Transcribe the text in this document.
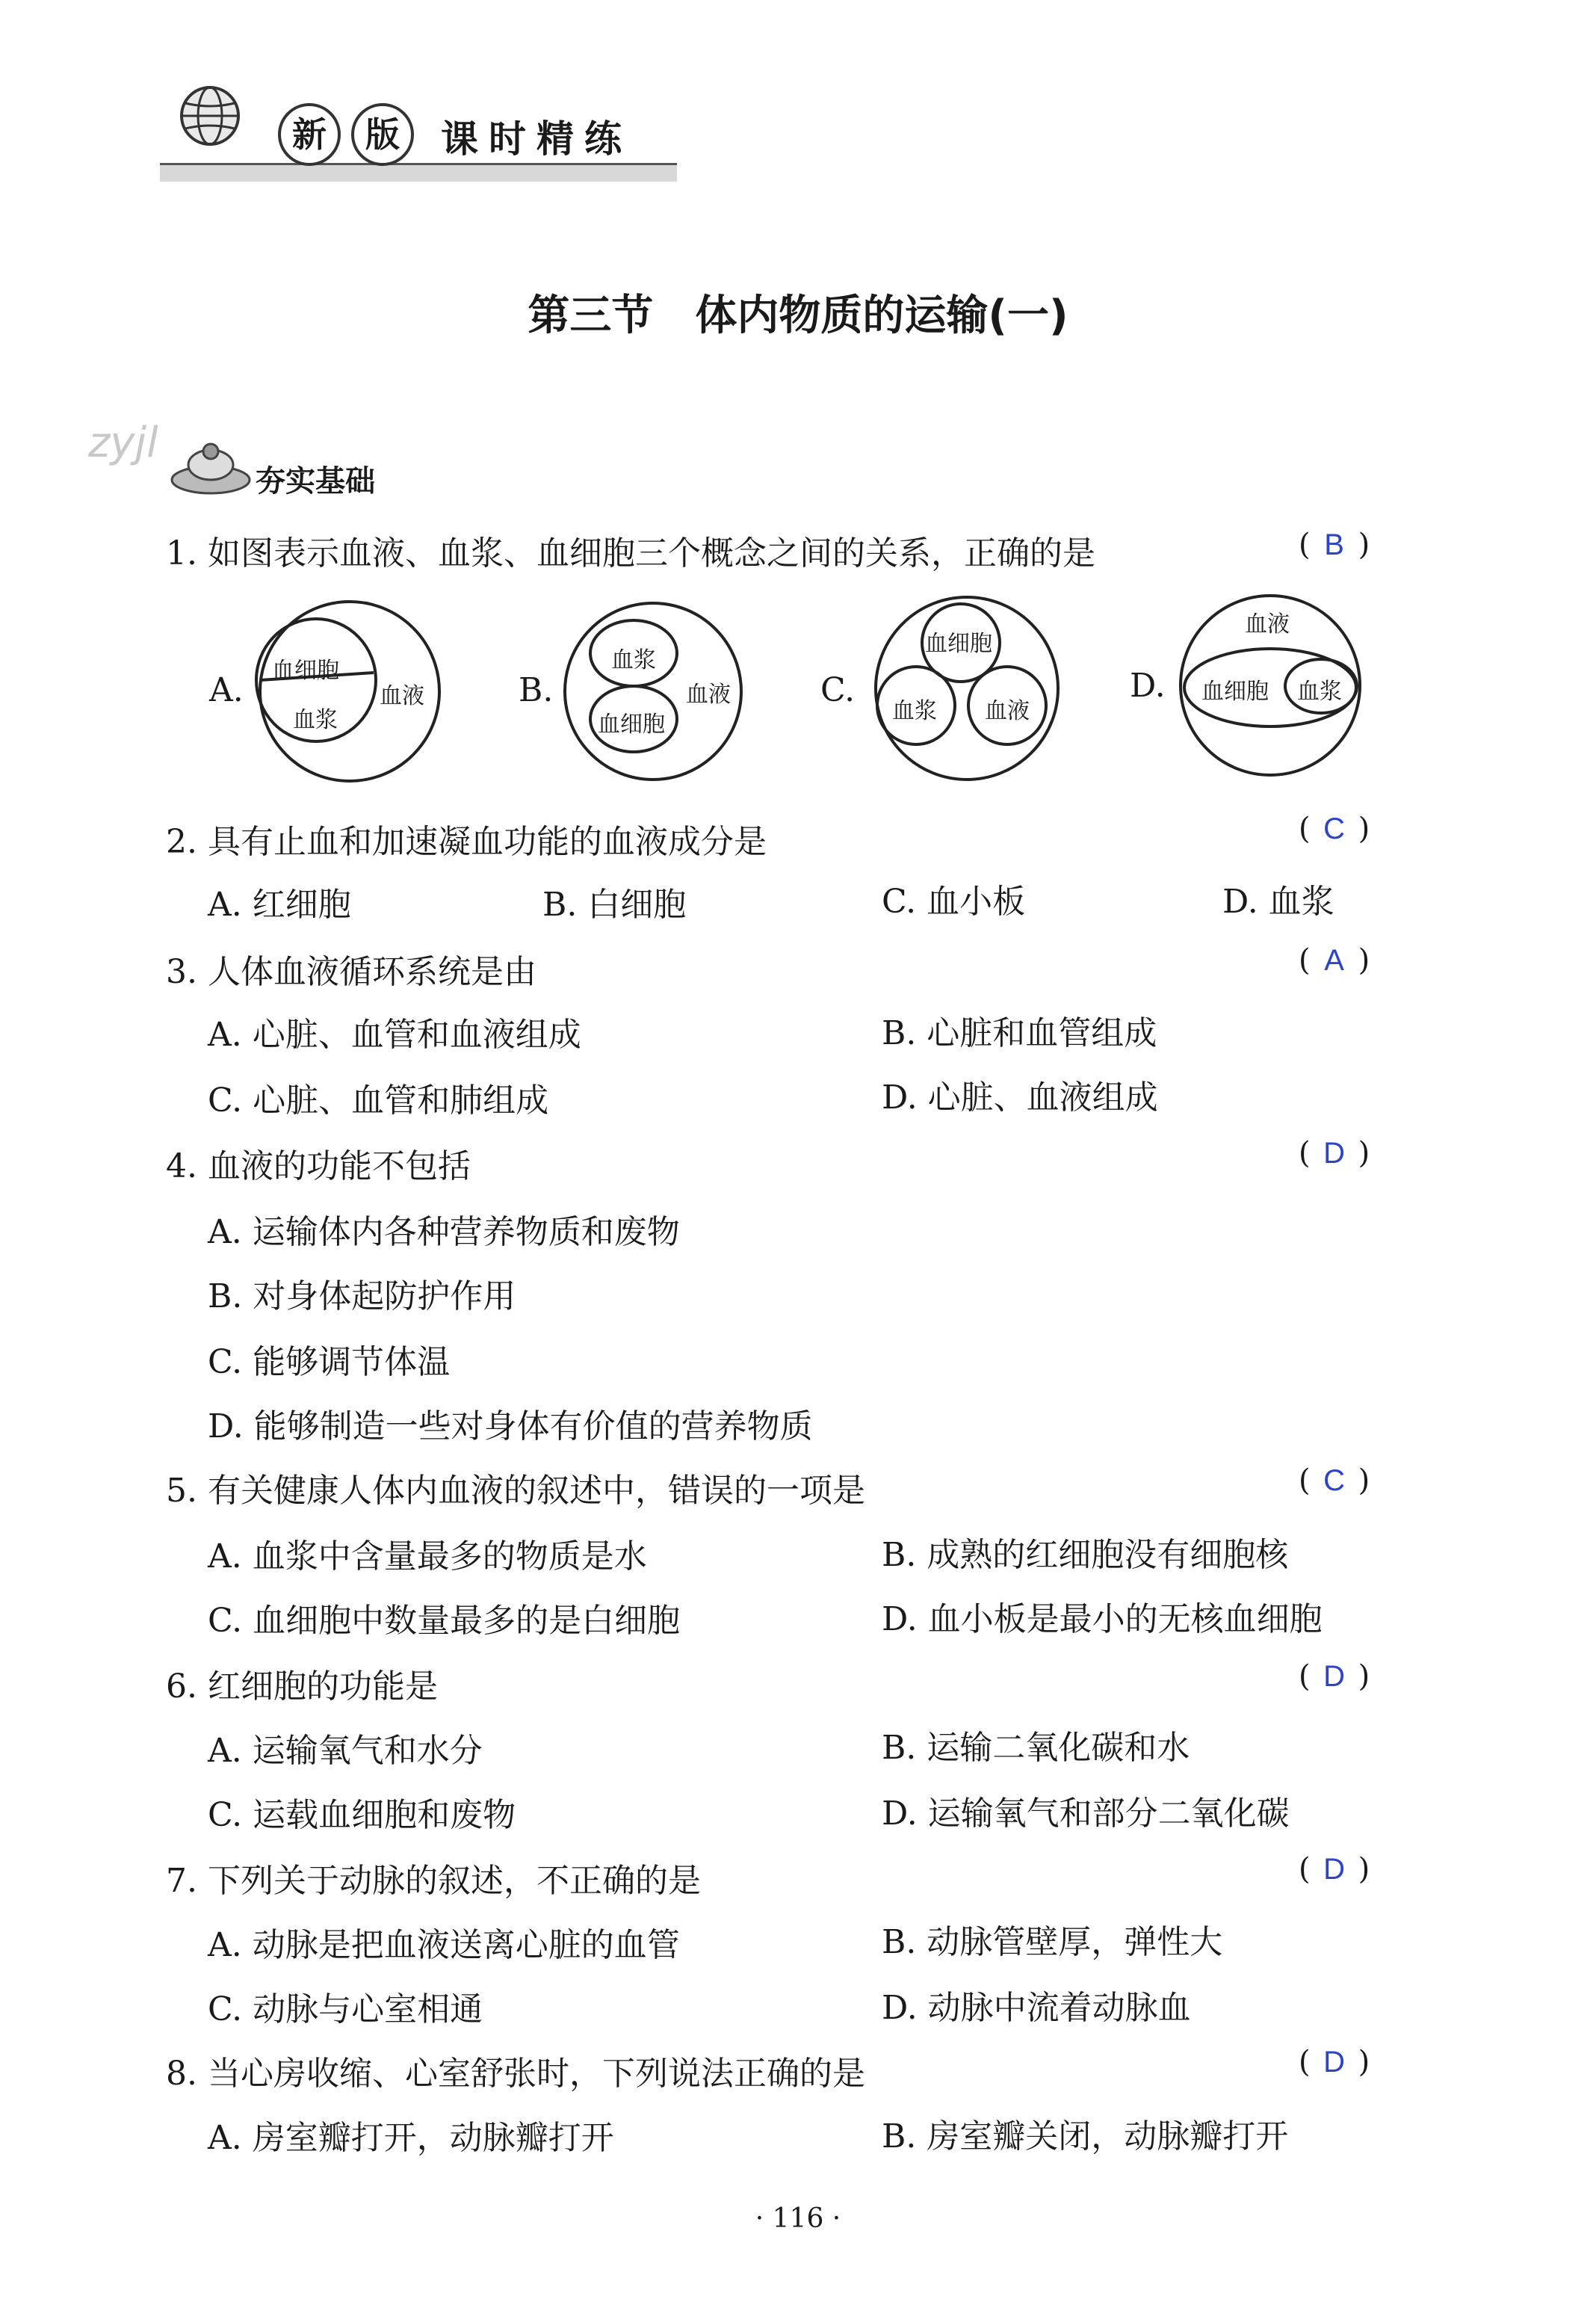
新	版	课时精练
第三节　体内物质的运输(一)
zyjl
夯实基础
1. 如图表示血液、血浆、血细胞三个概念之间的关系，正确的是	( B )
A.
血细胞
血浆
血液	B.
血浆
血细胞
血液	C.
血细胞
血浆 血液
D.
血液
血细胞 血浆
2. 具有止血和加速凝血功能的血液成分是	( C )
A. 红细胞	B. 白细胞	C. 血小板	D. 血浆
3. 人体血液循环系统是由	( A )
A. 心脏、血管和血液组成	B. 心脏和血管组成
C. 心脏、血管和肺组成	D. 心脏、血液组成
4. 血液的功能不包括	( D )
A. 运输体内各种营养物质和废物
B. 对身体起防护作用
C. 能够调节体温
D. 能够制造一些对身体有价值的营养物质
5. 有关健康人体内血液的叙述中，错误的一项是	( C )
A. 血浆中含量最多的物质是水	B. 成熟的红细胞没有细胞核
C. 血细胞中数量最多的是白细胞	D. 血小板是最小的无核血细胞
6. 红细胞的功能是	( D )
A. 运输氧气和水分	B. 运输二氧化碳和水
C. 运载血细胞和废物	D. 运输氧气和部分二氧化碳
7. 下列关于动脉的叙述，不正确的是	( D )
A. 动脉是把血液送离心脏的血管	B. 动脉管壁厚，弹性大
C. 动脉与心室相通	D. 动脉中流着动脉血
8. 当心房收缩、心室舒张时，下列说法正确的是	( D )
A. 房室瓣打开，动脉瓣打开	B. 房室瓣关闭，动脉瓣打开
· 116 ·
